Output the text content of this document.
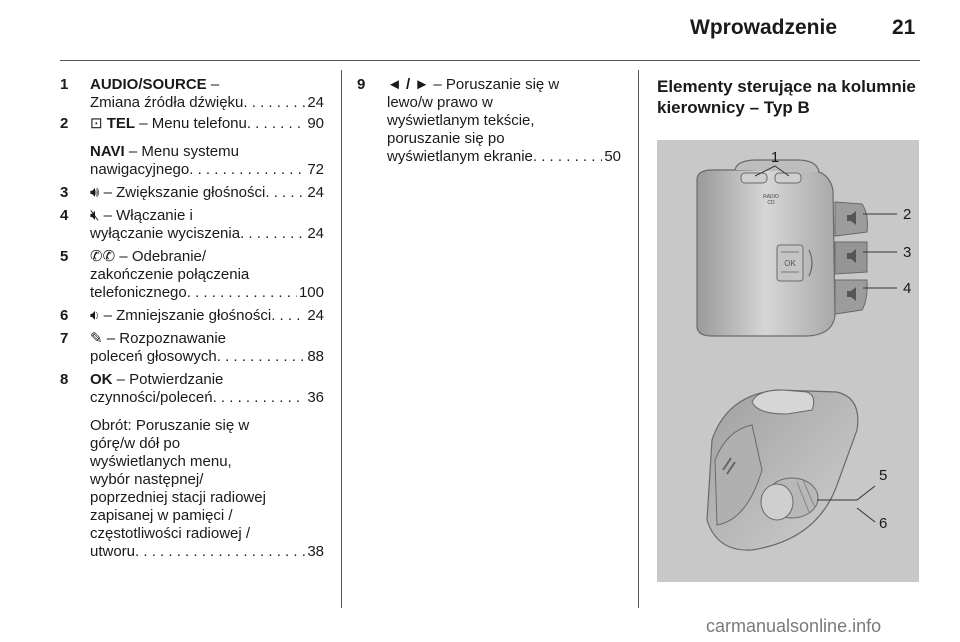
Wprowadzenie	21
1 AUDIO/SOURCE –
Zmiana źródła dźwięku . . .	24
2 ⊡ TEL – Menu telefonu . . .	90
NAVI – Menu systemu
nawigacyjnego . . .	72
3 🔊︎ – Zwiększanie głośności . . .	24
4 🔇︎ – Włączanie i
wyłączanie wyciszenia . . .	24
5 ✆✆ – Odebranie/
zakończenie połączenia
telefonicznego . . .	100
6 🔉︎ – Zmniejszanie głośności . . . 24
7 ✎ – Rozpoznawanie
poleceń głosowych . . .	88
8 OK – Potwierdzanie
czynności/poleceń . . .	36
Obrót: Poruszanie się w
górę/w dół po
wyświetlanych menu,
wybór następnej/
poprzedniej stacji radiowej
zapisanej w pamięci /
częstotliwości radiowej /
utworu . . .	38
9 ◄ / ► – Poruszanie się w
lewo/w prawo w
wyświetlanym tekście,
poruszanie się po
wyświetlanym ekranie . . .	50
Elementy sterujące na kolumnie kierownicy – Typ B
RADIO
CD
OK
1
2
3
4
5
6
carmanualsonline.info
